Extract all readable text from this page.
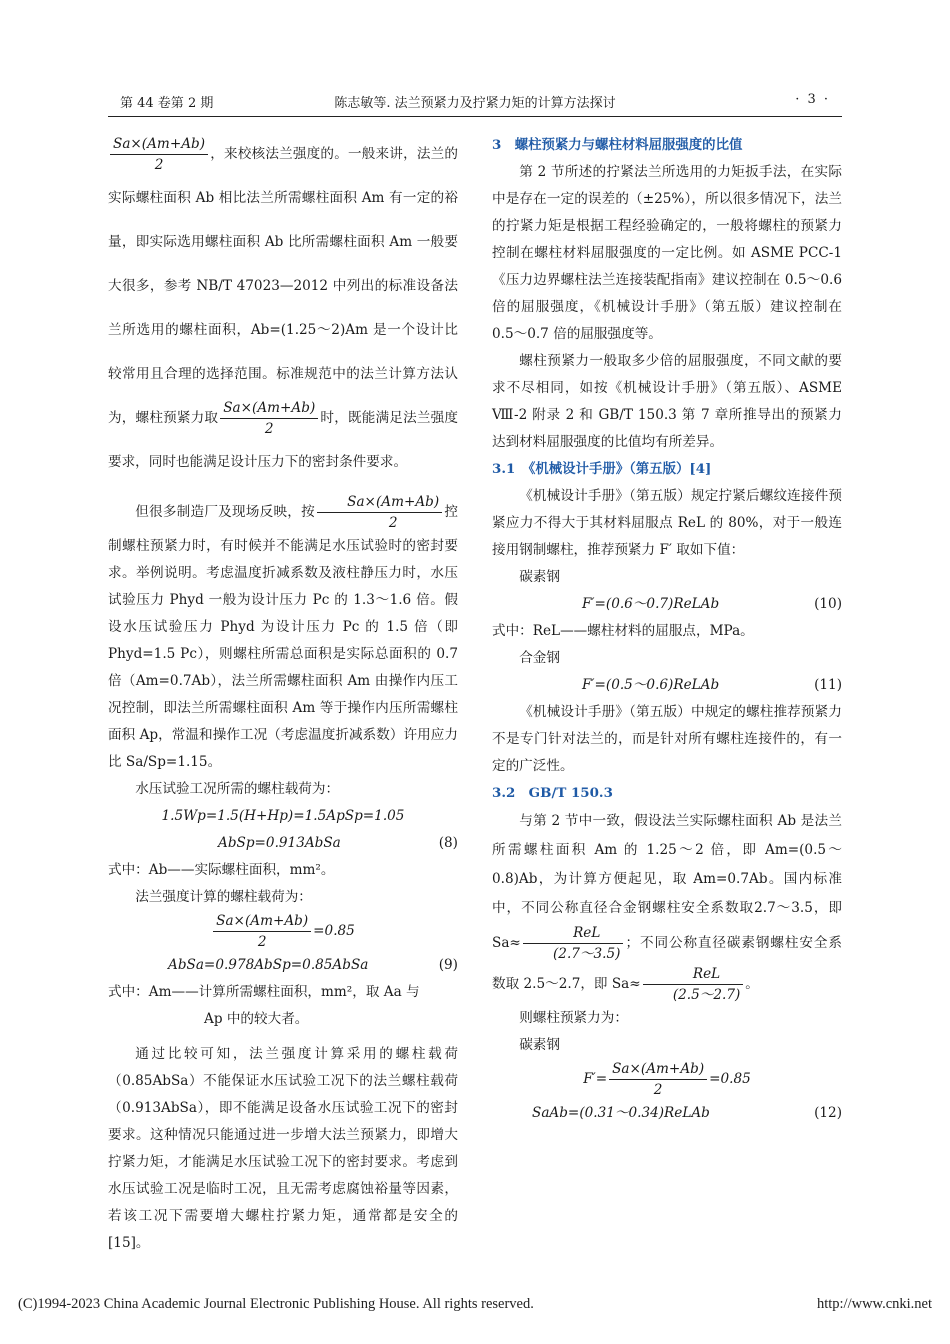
第 44 卷第 2 期	陈志敏等. 法兰预紧力及拧紧力矩的计算方法探讨	· 3 ·

$\frac{Sa\times(Am+Ab)}{2}$ ，来校核法兰强度的。一般来讲，法兰的实际螺柱面积 Ab 相比法兰所需螺柱面积 Am 有一定的裕量，即实际选用螺柱面积 Ab 比所需螺柱面积 Am 一般要大很多，参考 NB/T 47023—2012 中列出的标准设备法兰所选用的螺柱面积，Ab=(1.25～2)Am 是一个设计比较常用且合理的选择范围。标准规范中的法兰计算方法认为，螺柱预紧力取 $\frac{Sa\times(Am+Ab)}{2}$ 时，既能满足法兰强度要求，同时也能满足设计压力下的密封条件要求。

但很多制造厂及现场反映，按 $\frac{Sa\times(Am+Ab)}{2}$ 控制螺柱预紧力时，有时候并不能满足水压试验时的密封要求。举例说明。考虑温度折减系数及液柱静压力时，水压试验压力 Phyd 一般为设计压力 Pc 的 1.3～1.6 倍。假设水压试验压力 Phyd 为设计压力 Pc 的 1.5 倍（即 Phyd=1.5 Pc），则螺柱所需总面积是实际总面积的 0.7 倍（Am=0.7Ab），法兰所需螺柱面积 Am 由操作内压工况控制，即法兰所需螺柱面积 Am 等于操作内压所需螺柱面积 Ap，常温和操作工况（考虑温度折减系数）许用应力比 Sa/Sp=1.15。

水压试验工况所需的螺柱载荷为：

1.5Wp=1.5(H+Hp)=1.5ApSp=1.05
AbSp=0.913AbSa	(8)

式中：Ab——实际螺柱面积，mm²。

法兰强度计算的螺柱载荷为：

$\frac{Sa\times(Am+Ab)}{2} =0.85$
AbSa=0.978AbSp=0.85AbSa	(9)

式中：Am——计算所需螺柱面积，mm²，取 Aa 与

Ap 中的较大者。

通过比较可知，法兰强度计算采用的螺柱载荷（0.85AbSa）不能保证水压试验工况下的法兰螺柱载荷（0.913AbSa），即不能满足设备水压试验工况下的密封要求。这种情况只能通过进一步增大法兰预紧力，即增大拧紧力矩，才能满足水压试验工况下的密封要求。考虑到水压试验工况是临时工况，且无需考虑腐蚀裕量等因素，若该工况下需要增大螺柱拧紧力矩，通常都是安全的[15]。

3　螺柱预紧力与螺柱材料屈服强度的比值

第 2 节所述的拧紧法兰所选用的力矩扳手法，在实际中是存在一定的误差的（±25%），所以很多情况下，法兰的拧紧力矩是根据工程经验确定的，一般将螺柱的预紧力控制在螺柱材料屈服强度的一定比例。如 ASME PCC-1《压力边界螺柱法兰连接装配指南》建议控制在 0.5～0.6 倍的屈服强度，《机械设计手册》（第五版）建议控制在 0.5～0.7 倍的屈服强度等。

螺柱预紧力一般取多少倍的屈服强度，不同文献的要求不尽相同，如按《机械设计手册》（第五版）、ASME Ⅷ-2 附录 2 和 GB/T 150.3 第 7 章所推导出的预紧力达到材料屈服强度的比值均有所差异。

3.1　《机械设计手册》（第五版）[4]

《机械设计手册》（第五版）规定拧紧后螺纹连接件预紧应力不得大于其材料屈服点 ReL 的 80%，对于一般连接用钢制螺柱，推荐预紧力 F′ 取如下值：

碳素钢

F′=(0.6～0.7)ReLAb	(10)

式中：ReL——螺柱材料的屈服点，MPa。

合金钢

F′=(0.5～0.6)ReLAb	(11)

《机械设计手册》（第五版）中规定的螺柱推荐预紧力不是专门针对法兰的，而是针对所有螺柱连接件的，有一定的广泛性。

3.2　GB/T 150.3

与第 2 节中一致，假设法兰实际螺柱面积 Ab 是法兰所需螺柱面积 Am 的 1.25～2 倍，即 Am=(0.5～0.8)Ab，为计算方便起见，取 Am=0.7Ab。国内标准中，不同公称直径合金钢螺柱安全系数取2.7～3.5，即 $Sa\approx \frac{\text{ReL}}{(2.7\sim 3.5)}$ ；不同公称直径碳素钢螺柱安全系数取 2.5～2.7，即 $Sa\approx \frac{\text{ReL}}{(2.5\sim 2.7)}$ 。

则螺柱预紧力为：

碳素钢

$F'= \frac{Sa\times(Am+Ab)}{2} =0.85$
SaAb=(0.31～0.34)ReLAb	(12)
(C)1994-2023 China Academic Journal Electronic Publishing House. All rights reserved.	http://www.cnki.net
